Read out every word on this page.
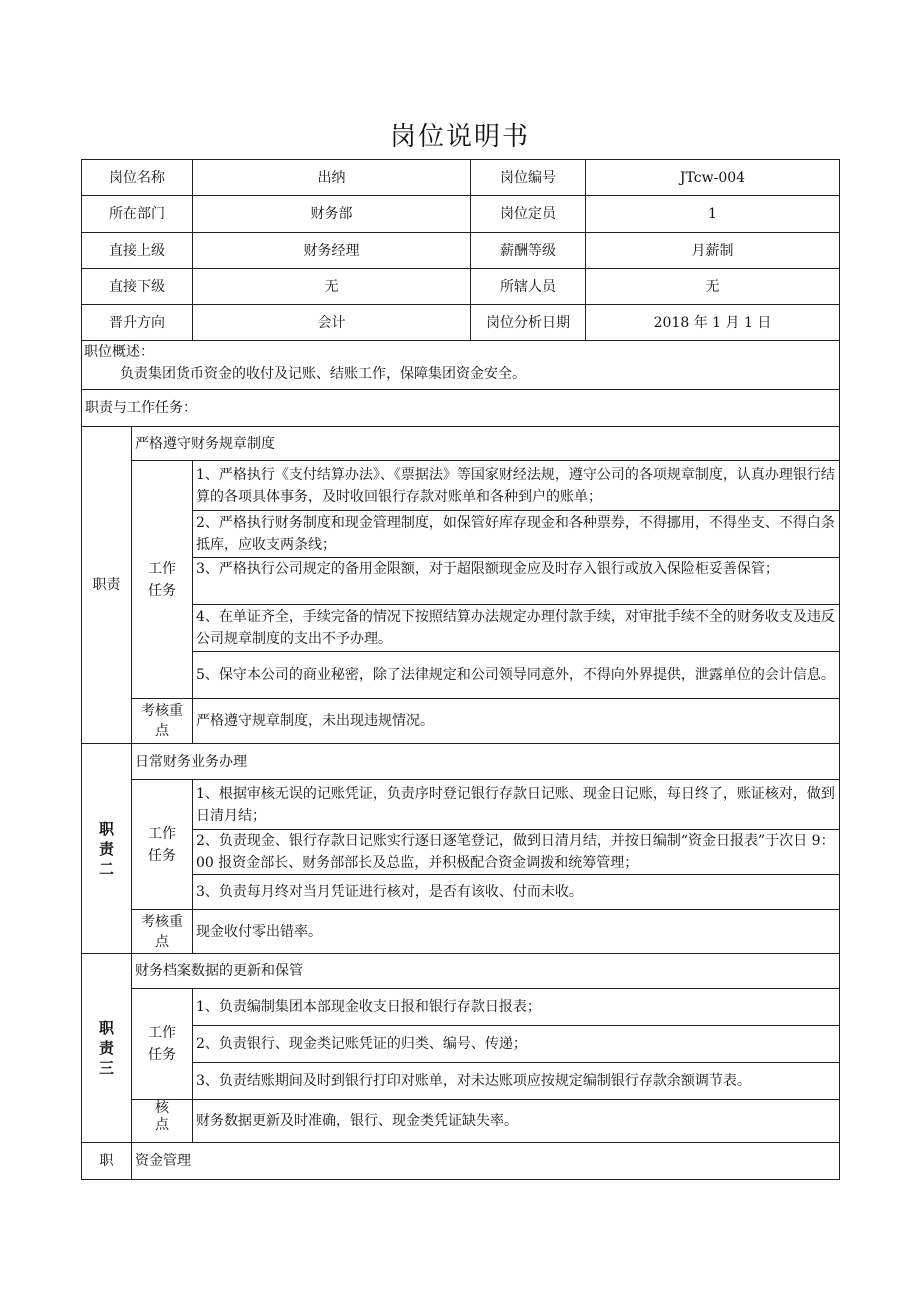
岗位说明书
岗位名称		出纳	岗位编号	JTcw-004
所在部门		财务部	岗位定员	1
直接上级		财务经理	薪酬等级	月薪制
直接下级		无	所辖人员	无
晋升方向		会计	岗位分析日期	2018 年 1 月 1 日

职位概述：
负责集团货币资金的收付及记账、结账工作，保障集团资金安全。				

职责与工作任务：				
职责	严格遵守财务规章制度			
	工作
任务	1、严格执行《支付结算办法》、《票据法》等国家财经法规，遵守公司的各项规章制度，认真办理银行结算的各项具体事务，及时收回银行存款对账单和各种到户的账单；		
		2、严格执行财务制度和现金管理制度，如保管好库存现金和各种票券，不得挪用，不得坐支、不得白条抵库，应收支两条线；		
		3、严格执行公司规定的备用金限额，对于超限额现金应及时存入银行或放入保险柜妥善保管；		
		4、在单证齐全，手续完备的情况下按照结算办法规定办理付款手续，对审批手续不全的财务收支及违反公司规章制度的支出不予办理。		
		5、保守本公司的商业秘密，除了法律规定和公司领导同意外，不得向外界提供，泄露单位的会计信息。		
	考核重
点	严格遵守规章制度，未出现违规情况。		
职
责
二	日常财务业务办理			
	工作
任务	1、根据审核无误的记账凭证，负责序时登记银行存款日记账、现金日记账，每日终了，账证核对，做到日清月结；		
		2、负责现金、银行存款日记账实行逐日逐笔登记，做到日清月结，并按日编制“资金日报表”于次日 9：00 报资金部长、财务部部长及总监，并积极配合资金调拨和统筹管理；		
		3、负责每月终对当月凭证进行核对，是否有该收、付而未收。		
	考核重
点	现金收付零出错率。		
职
责
三	财务档案数据的更新和保管			
	工作
任务	1、负责编制集团本部现金收支日报和银行存款日报表；		
		2、负责银行、现金类记账凭证的归类、编号、传递；		
		3、负责结账期间及时到银行打印对账单，对未达账项应按规定编制银行存款余额调节表。		
	核
点	财务数据更新及时准确，银行、现金类凭证缺失率。		
职	资金管理			
